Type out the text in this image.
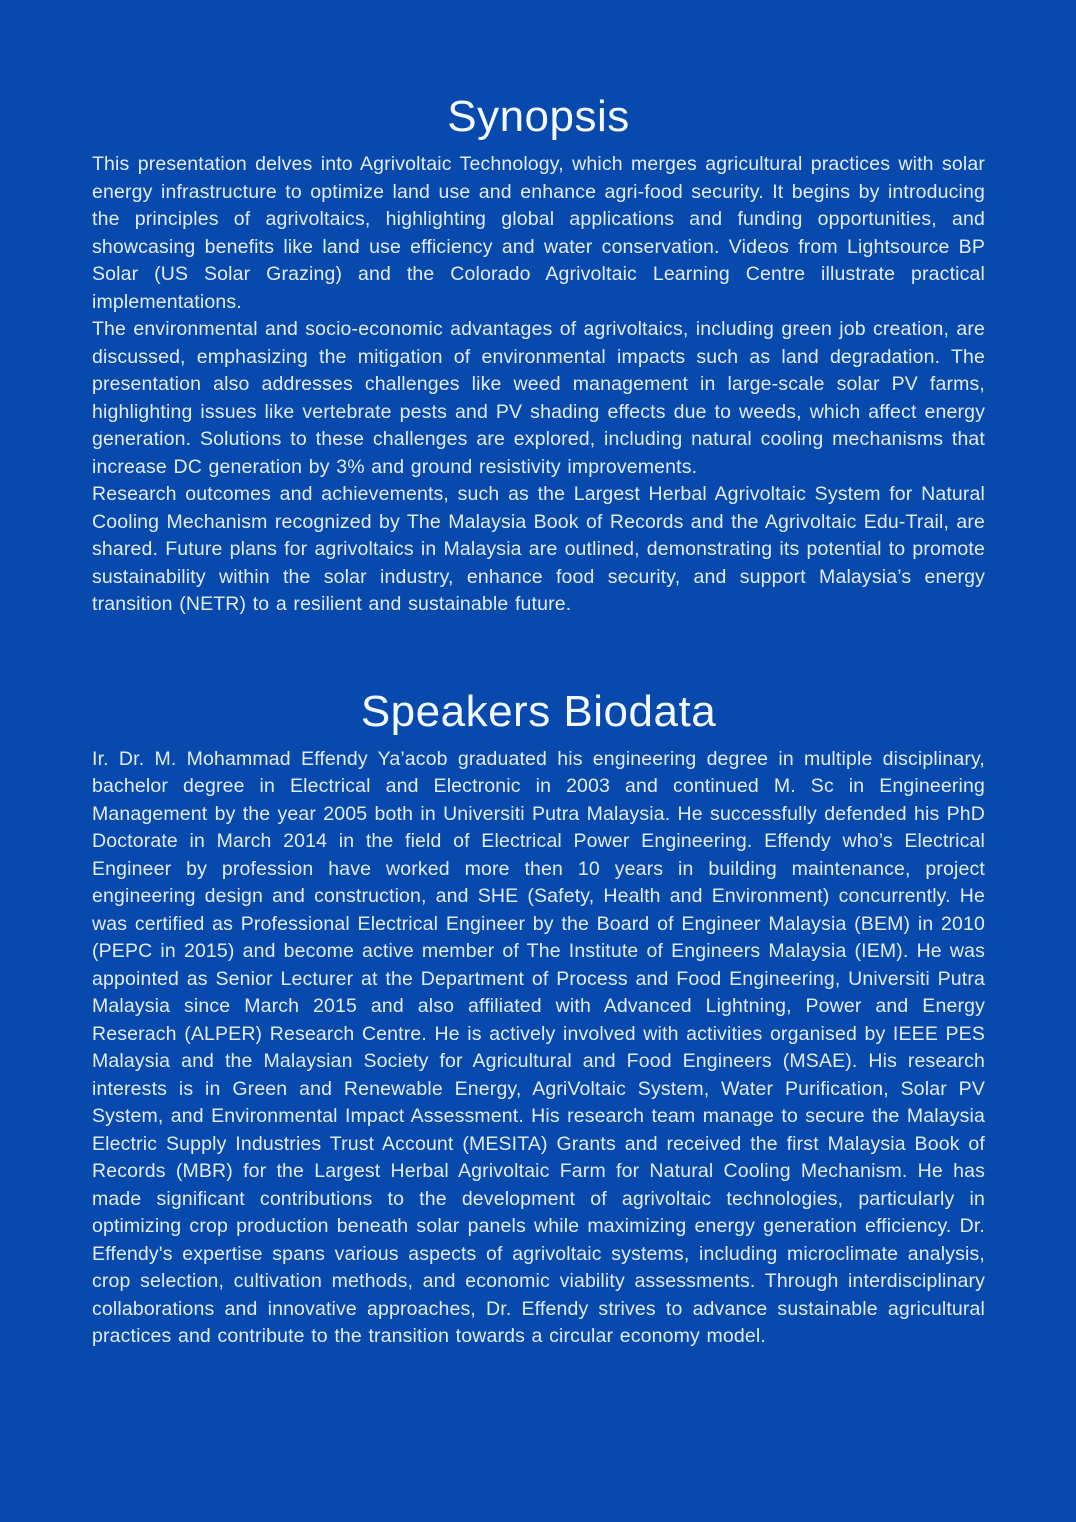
Synopsis

This presentation delves into Agrivoltaic Technology, which merges agricultural practices with solar energy infrastructure to optimize land use and enhance agri-food security. It begins by introducing the principles of agrivoltaics, highlighting global applications and funding opportunities, and showcasing benefits like land use efficiency and water conservation. Videos from Lightsource BP Solar (US Solar Grazing) and the Colorado Agrivoltaic Learning Centre illustrate practical implementations.

The environmental and socio-economic advantages of agrivoltaics, including green job creation, are discussed, emphasizing the mitigation of environmental impacts such as land degradation. The presentation also addresses challenges like weed management in large-scale solar PV farms, highlighting issues like vertebrate pests and PV shading effects due to weeds, which affect energy generation. Solutions to these challenges are explored, including natural cooling mechanisms that increase DC generation by 3% and ground resistivity improvements.

Research outcomes and achievements, such as the Largest Herbal Agrivoltaic System for Natural Cooling Mechanism recognized by The Malaysia Book of Records and the Agrivoltaic Edu-Trail, are shared. Future plans for agrivoltaics in Malaysia are outlined, demonstrating its potential to promote sustainability within the solar industry, enhance food security, and support Malaysia’s energy transition (NETR) to a resilient and sustainable future.

Speakers Biodata

Ir. Dr. M. Mohammad Effendy Ya’acob graduated his engineering degree in multiple disciplinary, bachelor degree in Electrical and Electronic in 2003 and continued M. Sc in Engineering Management by the year 2005 both in Universiti Putra Malaysia. He successfully defended his PhD Doctorate in March 2014 in the field of Electrical Power Engineering. Effendy who’s Electrical Engineer by profession have worked more then 10 years in building maintenance, project engineering design and construction, and SHE (Safety, Health and Environment) concurrently. He was certified as Professional Electrical Engineer by the Board of Engineer Malaysia (BEM) in 2010 (PEPC in 2015) and become active member of The Institute of Engineers Malaysia (IEM). He was appointed as Senior Lecturer at the Department of Process and Food Engineering, Universiti Putra Malaysia since March 2015 and also affiliated with Advanced Lightning, Power and Energy Reserach (ALPER) Research Centre. He is actively involved with activities organised by IEEE PES Malaysia and the Malaysian Society for Agricultural and Food Engineers (MSAE). His research interests is in Green and Renewable Energy, AgriVoltaic System, Water Purification, Solar PV System, and Environmental Impact Assessment. His research team manage to secure the Malaysia Electric Supply Industries Trust Account (MESITA) Grants and received the first Malaysia Book of Records (MBR) for the Largest Herbal Agrivoltaic Farm for Natural Cooling Mechanism. He has made significant contributions to the development of agrivoltaic technologies, particularly in optimizing crop production beneath solar panels while maximizing energy generation efficiency. Dr. Effendy's expertise spans various aspects of agrivoltaic systems, including microclimate analysis, crop selection, cultivation methods, and economic viability assessments. Through interdisciplinary collaborations and innovative approaches, Dr. Effendy strives to advance sustainable agricultural practices and contribute to the transition towards a circular economy model.
